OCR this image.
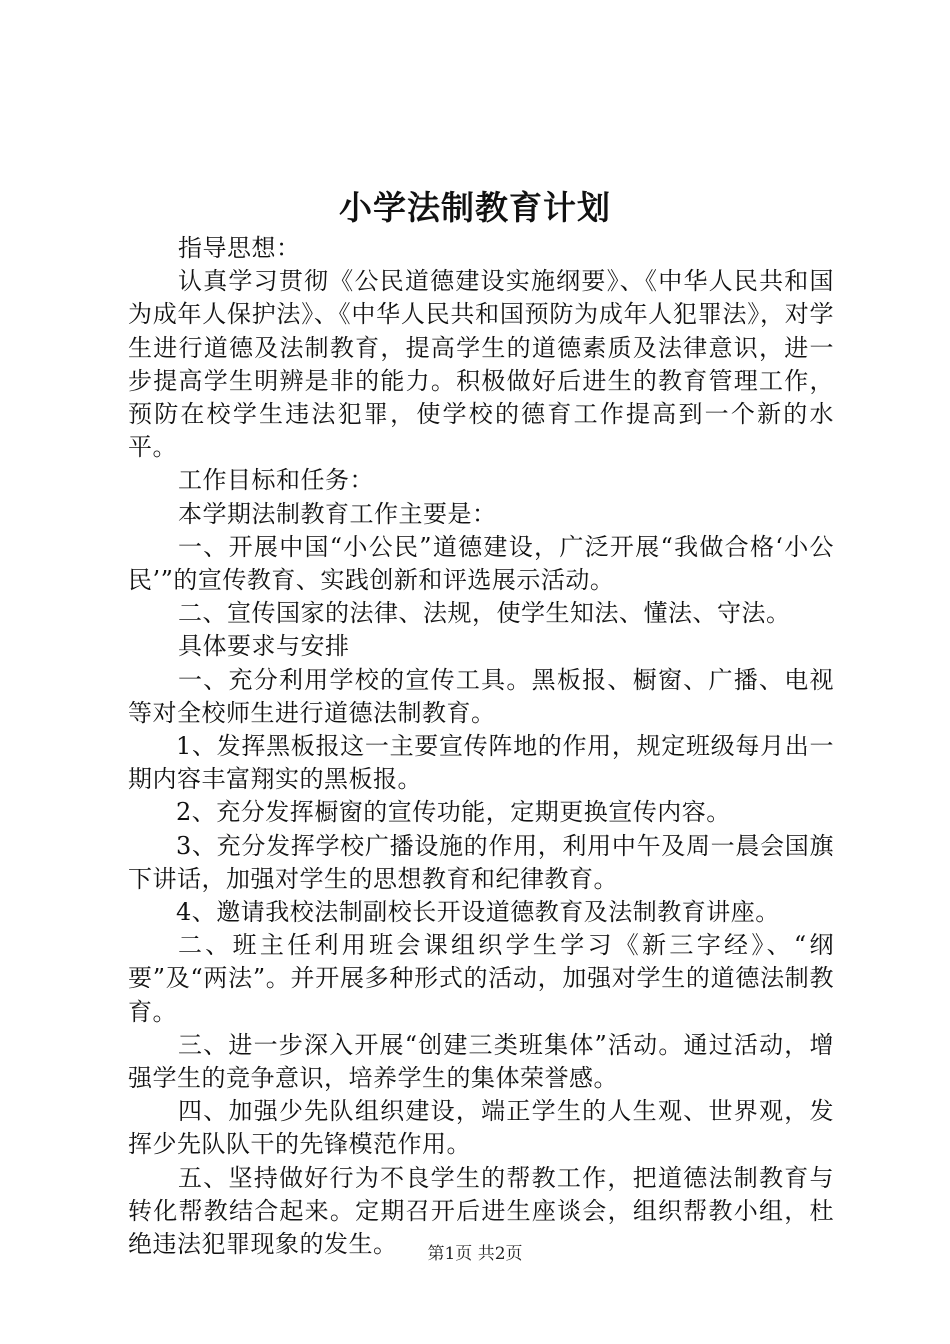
小学法制教育计划

指导思想：

认真学习贯彻《公民道德建设实施纲要》、《中华人民共和国为成年人保护法》、《中华人民共和国预防为成年人犯罪法》，对学生进行道德及法制教育，提高学生的道德素质及法律意识，进一步提高学生明辨是非的能力。积极做好后进生的教育管理工作，预防在校学生违法犯罪，使学校的德育工作提高到一个新的水平。

工作目标和任务：

本学期法制教育工作主要是：

一、开展中国“小公民”道德建设，广泛开展“我做合格‘小公民’”的宣传教育、实践创新和评选展示活动。

二、宣传国家的法律、法规，使学生知法、懂法、守法。

具体要求与安排

一、充分利用学校的宣传工具。黑板报、橱窗、广播、电视等对全校师生进行道德法制教育。

1、发挥黑板报这一主要宣传阵地的作用，规定班级每月出一期内容丰富翔实的黑板报。

2、充分发挥橱窗的宣传功能，定期更换宣传内容。

3、充分发挥学校广播设施的作用，利用中午及周一晨会国旗下讲话，加强对学生的思想教育和纪律教育。

4、邀请我校法制副校长开设道德教育及法制教育讲座。

二、班主任利用班会课组织学生学习《新三字经》、“纲要”及“两法”。并开展多种形式的活动，加强对学生的道德法制教育。

三、进一步深入开展“创建三类班集体”活动。通过活动，增强学生的竞争意识，培养学生的集体荣誉感。

四、加强少先队组织建设，端正学生的人生观、世界观，发挥少先队队干的先锋模范作用。

五、坚持做好行为不良学生的帮教工作，把道德法制教育与转化帮教结合起来。定期召开后进生座谈会，组织帮教小组，杜绝违法犯罪现象的发生。	第1页 共2页
